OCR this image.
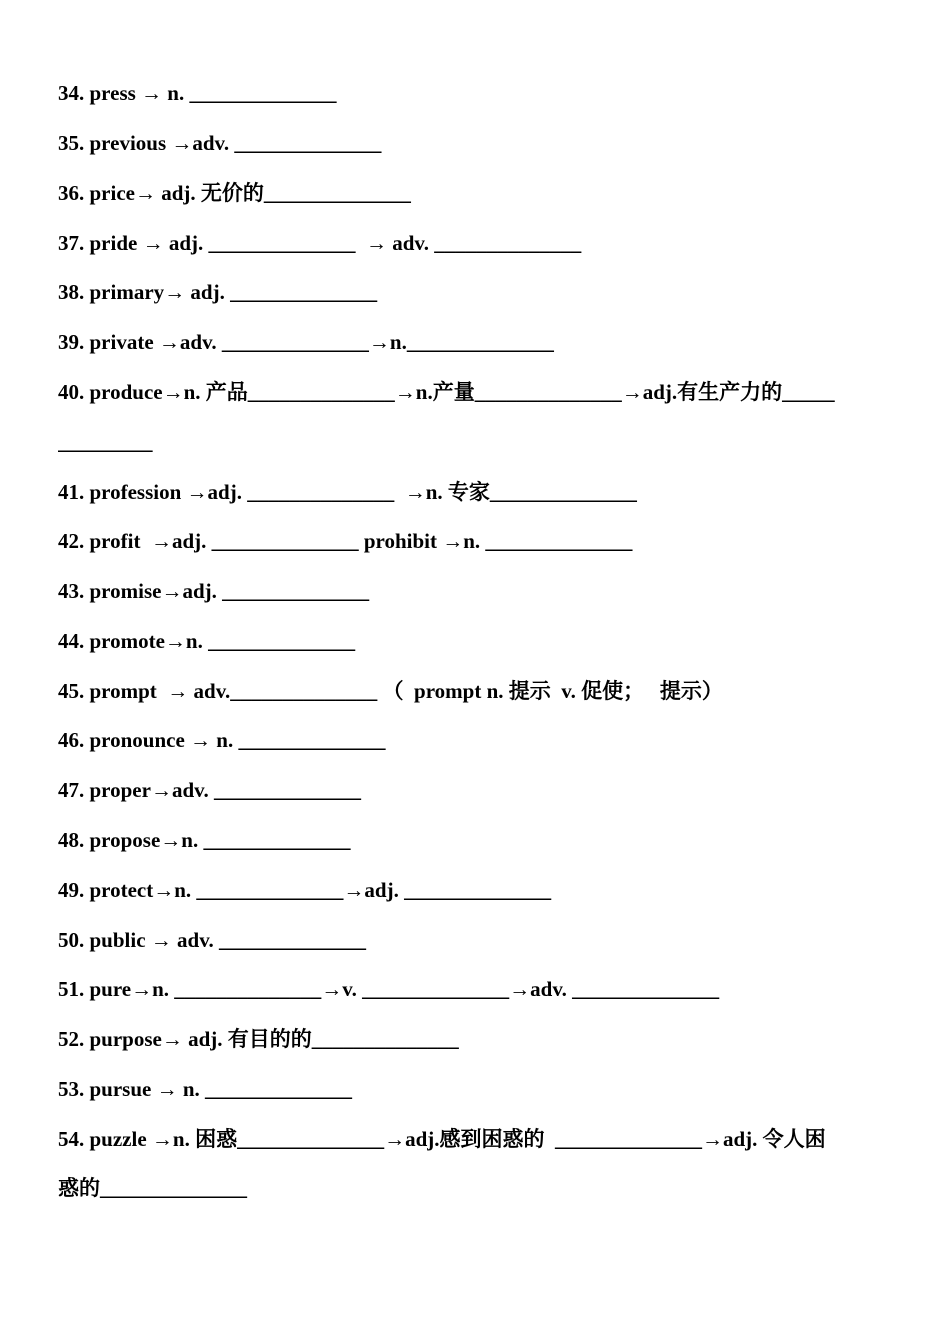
34. press → n. ______________
35. previous →adv. ______________
36. price→ adj. 无价的______________
37. pride → adj. ______________  → adv. ______________
38. primary→ adj. ______________
39. private →adv. ______________→n.______________
40. produce→n. 产品______________→n.产量______________→adj.有生产力的_____
_________
41. profession →adj. ______________  →n. 专家______________
42. profit  →adj. ______________ prohibit →n. ______________
43. promise→adj. ______________
44. promote→n. ______________
45. prompt  → adv.______________ （  prompt n. 提示  v. 促使；   提示）
46. pronounce → n. ______________
47. proper→adv. ______________
48. propose→n. ______________
49. protect→n. ______________→adj. ______________
50. public → adv. ______________
51. pure→n. ______________→v. ______________→adv. ______________
52. purpose→ adj. 有目的的______________
53. pursue → n. ______________
54. puzzle →n. 困惑______________→adj.感到困惑的  ______________→adj. 令人困
惑的______________
